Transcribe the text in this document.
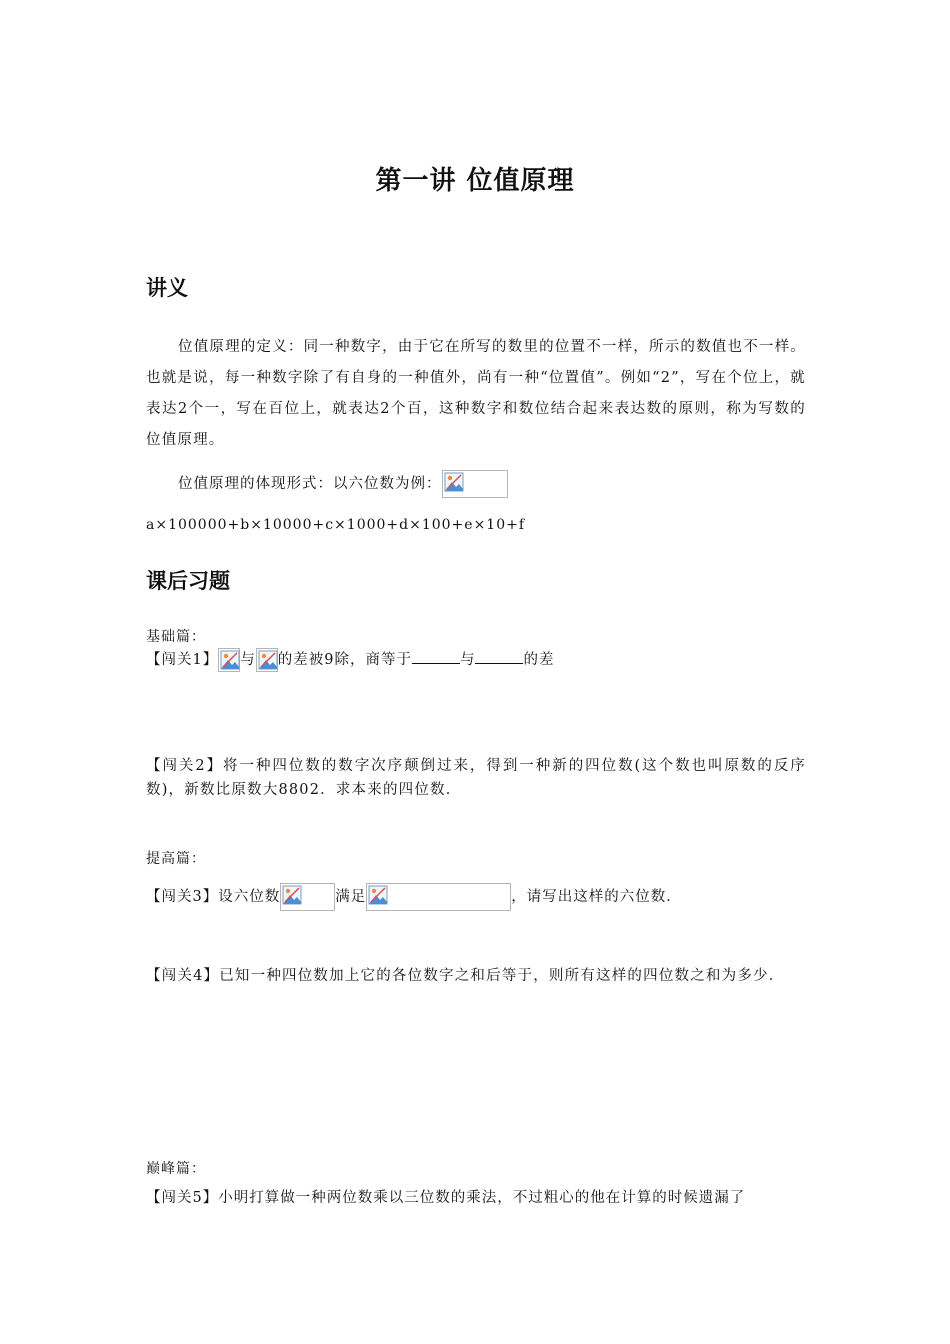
第一讲 位值原理
讲义
位值原理的定义：同一种数字，由于它在所写的数里的位置不一样，所示的数值也不一样。也就是说，每一种数字除了有自身的一种值外，尚有一种“位置值”。例如“2”，写在个位上，就表达2个一，写在百位上，就表达2个百，这种数字和数位结合起来表达数的原则，称为写数的位值原理。
位值原理的体现形式：以六位数为例：
a×100000+b×10000+c×1000+d×100+e×10+f
课后习题
基础篇：
【闯关1】 与 的差被9除，商等于	与	的差
【闯关2】将一种四位数的数字次序颠倒过来，得到一种新的四位数(这个数也叫原数的反序数)，新数比原数大8802．求本来的四位数．
提高篇：
【闯关3】设六位数	满足	，请写出这样的六位数．
【闯关4】已知一种四位数加上它的各位数字之和后等于，则所有这样的四位数之和为多少．
巅峰篇：
【闯关5】小明打算做一种两位数乘以三位数的乘法，不过粗心的他在计算的时候遗漏了
